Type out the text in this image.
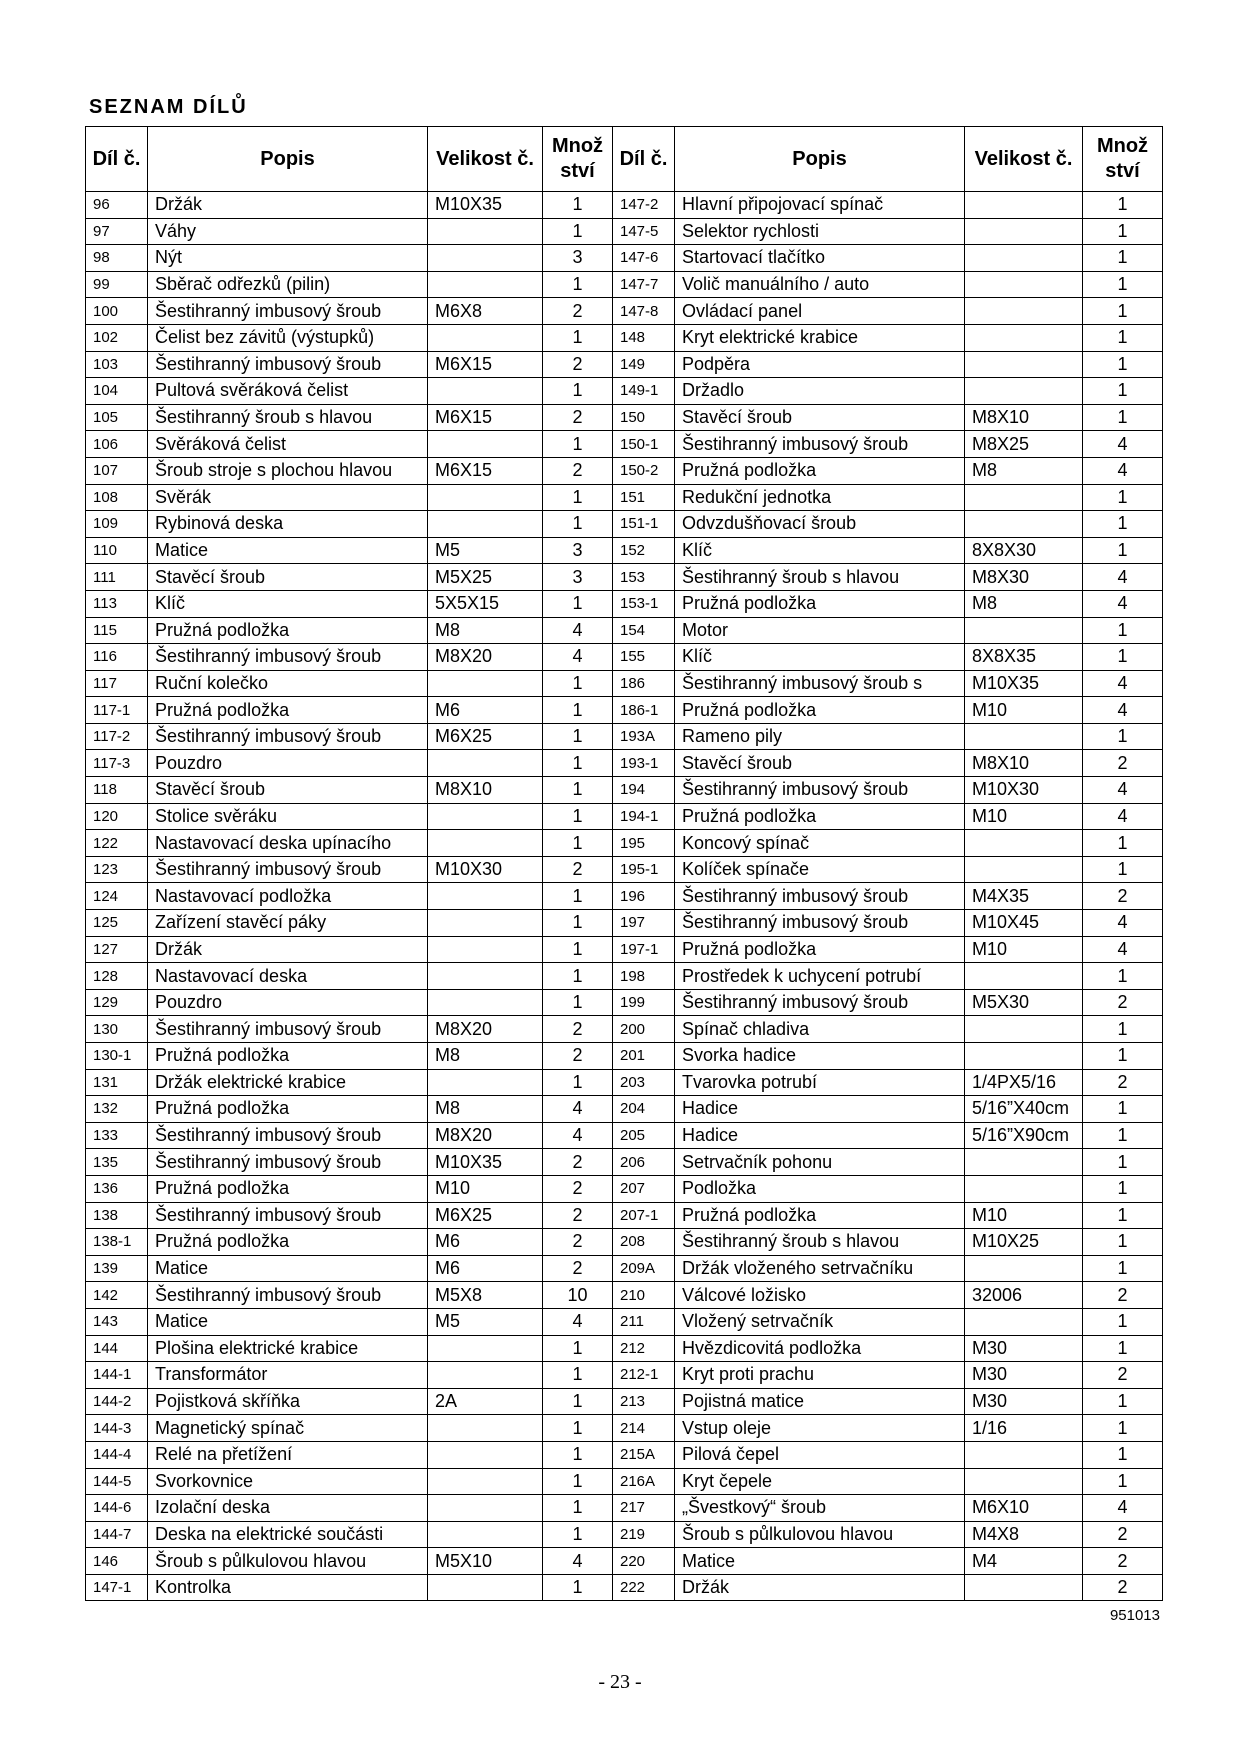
SEZNAM DÍLŮ
Díl č.	Popis	Velikost č.	Množ ství	Díl č.	Popis	Velikost č.	Množ ství
96	Držák	M10X35	1	147-2	Hlavní připojovací spínač		1
97	Váhy		1	147-5	Selektor rychlosti		1
98	Nýt		3	147-6	Startovací tlačítko		1
99	Sběrač odřezků (pilin)		1	147-7	Volič manuálního / auto		1
100	Šestihranný imbusový šroub	M6X8	2	147-8	Ovládací panel		1
102	Čelist bez závitů (výstupků)		1	148	Kryt elektrické krabice		1
103	Šestihranný imbusový šroub	M6X15	2	149	Podpěra		1
104	Pultová svěráková čelist		1	149-1	Držadlo		1
105	Šestihranný šroub s hlavou	M6X15	2	150	Stavěcí šroub	M8X10	1
106	Svěráková čelist		1	150-1	Šestihranný imbusový šroub	M8X25	4
107	Šroub stroje s plochou hlavou	M6X15	2	150-2	Pružná podložka	M8	4
108	Svěrák		1	151	Redukční jednotka		1
109	Rybinová deska		1	151-1	Odvzdušňovací šroub		1
110	Matice	M5	3	152	Klíč	8X8X30	1
111	Stavěcí šroub	M5X25	3	153	Šestihranný šroub s hlavou	M8X30	4
113	Klíč	5X5X15	1	153-1	Pružná podložka	M8	4
115	Pružná podložka	M8	4	154	Motor		1
116	Šestihranný imbusový šroub	M8X20	4	155	Klíč	8X8X35	1
117	Ruční kolečko		1	186	Šestihranný imbusový šroub s	M10X35	4
117-1	Pružná podložka	M6	1	186-1	Pružná podložka	M10	4
117-2	Šestihranný imbusový šroub	M6X25	1	193A	Rameno pily		1
117-3	Pouzdro		1	193-1	Stavěcí šroub	M8X10	2
118	Stavěcí šroub	M8X10	1	194	Šestihranný imbusový šroub	M10X30	4
120	Stolice svěráku		1	194-1	Pružná podložka	M10	4
122	Nastavovací deska upínacího		1	195	Koncový spínač		1
123	Šestihranný imbusový šroub	M10X30	2	195-1	Kolíček spínače		1
124	Nastavovací podložka		1	196	Šestihranný imbusový šroub	M4X35	2
125	Zařízení stavěcí páky		1	197	Šestihranný imbusový šroub	M10X45	4
127	Držák		1	197-1	Pružná podložka	M10	4
128	Nastavovací deska		1	198	Prostředek k uchycení potrubí		1
129	Pouzdro		1	199	Šestihranný imbusový šroub	M5X30	2
130	Šestihranný imbusový šroub	M8X20	2	200	Spínač chladiva		1
130-1	Pružná podložka	M8	2	201	Svorka hadice		1
131	Držák elektrické krabice		1	203	Tvarovka potrubí	1/4PX5/16	2
132	Pružná podložka	M8	4	204	Hadice	5/16”X40cm	1
133	Šestihranný imbusový šroub	M8X20	4	205	Hadice	5/16”X90cm	1
135	Šestihranný imbusový šroub	M10X35	2	206	Setrvačník pohonu		1
136	Pružná podložka	M10	2	207	Podložka		1
138	Šestihranný imbusový šroub	M6X25	2	207-1	Pružná podložka	M10	1
138-1	Pružná podložka	M6	2	208	Šestihranný šroub s hlavou	M10X25	1
139	Matice	M6	2	209A	Držák vloženého setrvačníku		1
142	Šestihranný imbusový šroub	M5X8	10	210	Válcové ložisko	32006	2
143	Matice	M5	4	211	Vložený setrvačník		1
144	Plošina elektrické krabice		1	212	Hvězdicovitá podložka	M30	1
144-1	Transformátor		1	212-1	Kryt proti prachu	M30	2
144-2	Pojistková skříňka	2A	1	213	Pojistná matice	M30	1
144-3	Magnetický spínač		1	214	Vstup oleje	1/16	1
144-4	Relé na přetížení		1	215A	Pilová čepel		1
144-5	Svorkovnice		1	216A	Kryt čepele		1
144-6	Izolační deska		1	217	„Švestkový“ šroub	M6X10	4
144-7	Deska na elektrické součásti		1	219	Šroub s půlkulovou hlavou	M4X8	2
146	Šroub s půlkulovou hlavou	M5X10	4	220	Matice	M4	2
147-1	Kontrolka		1	222	Držák		2
951013
- 23 -
